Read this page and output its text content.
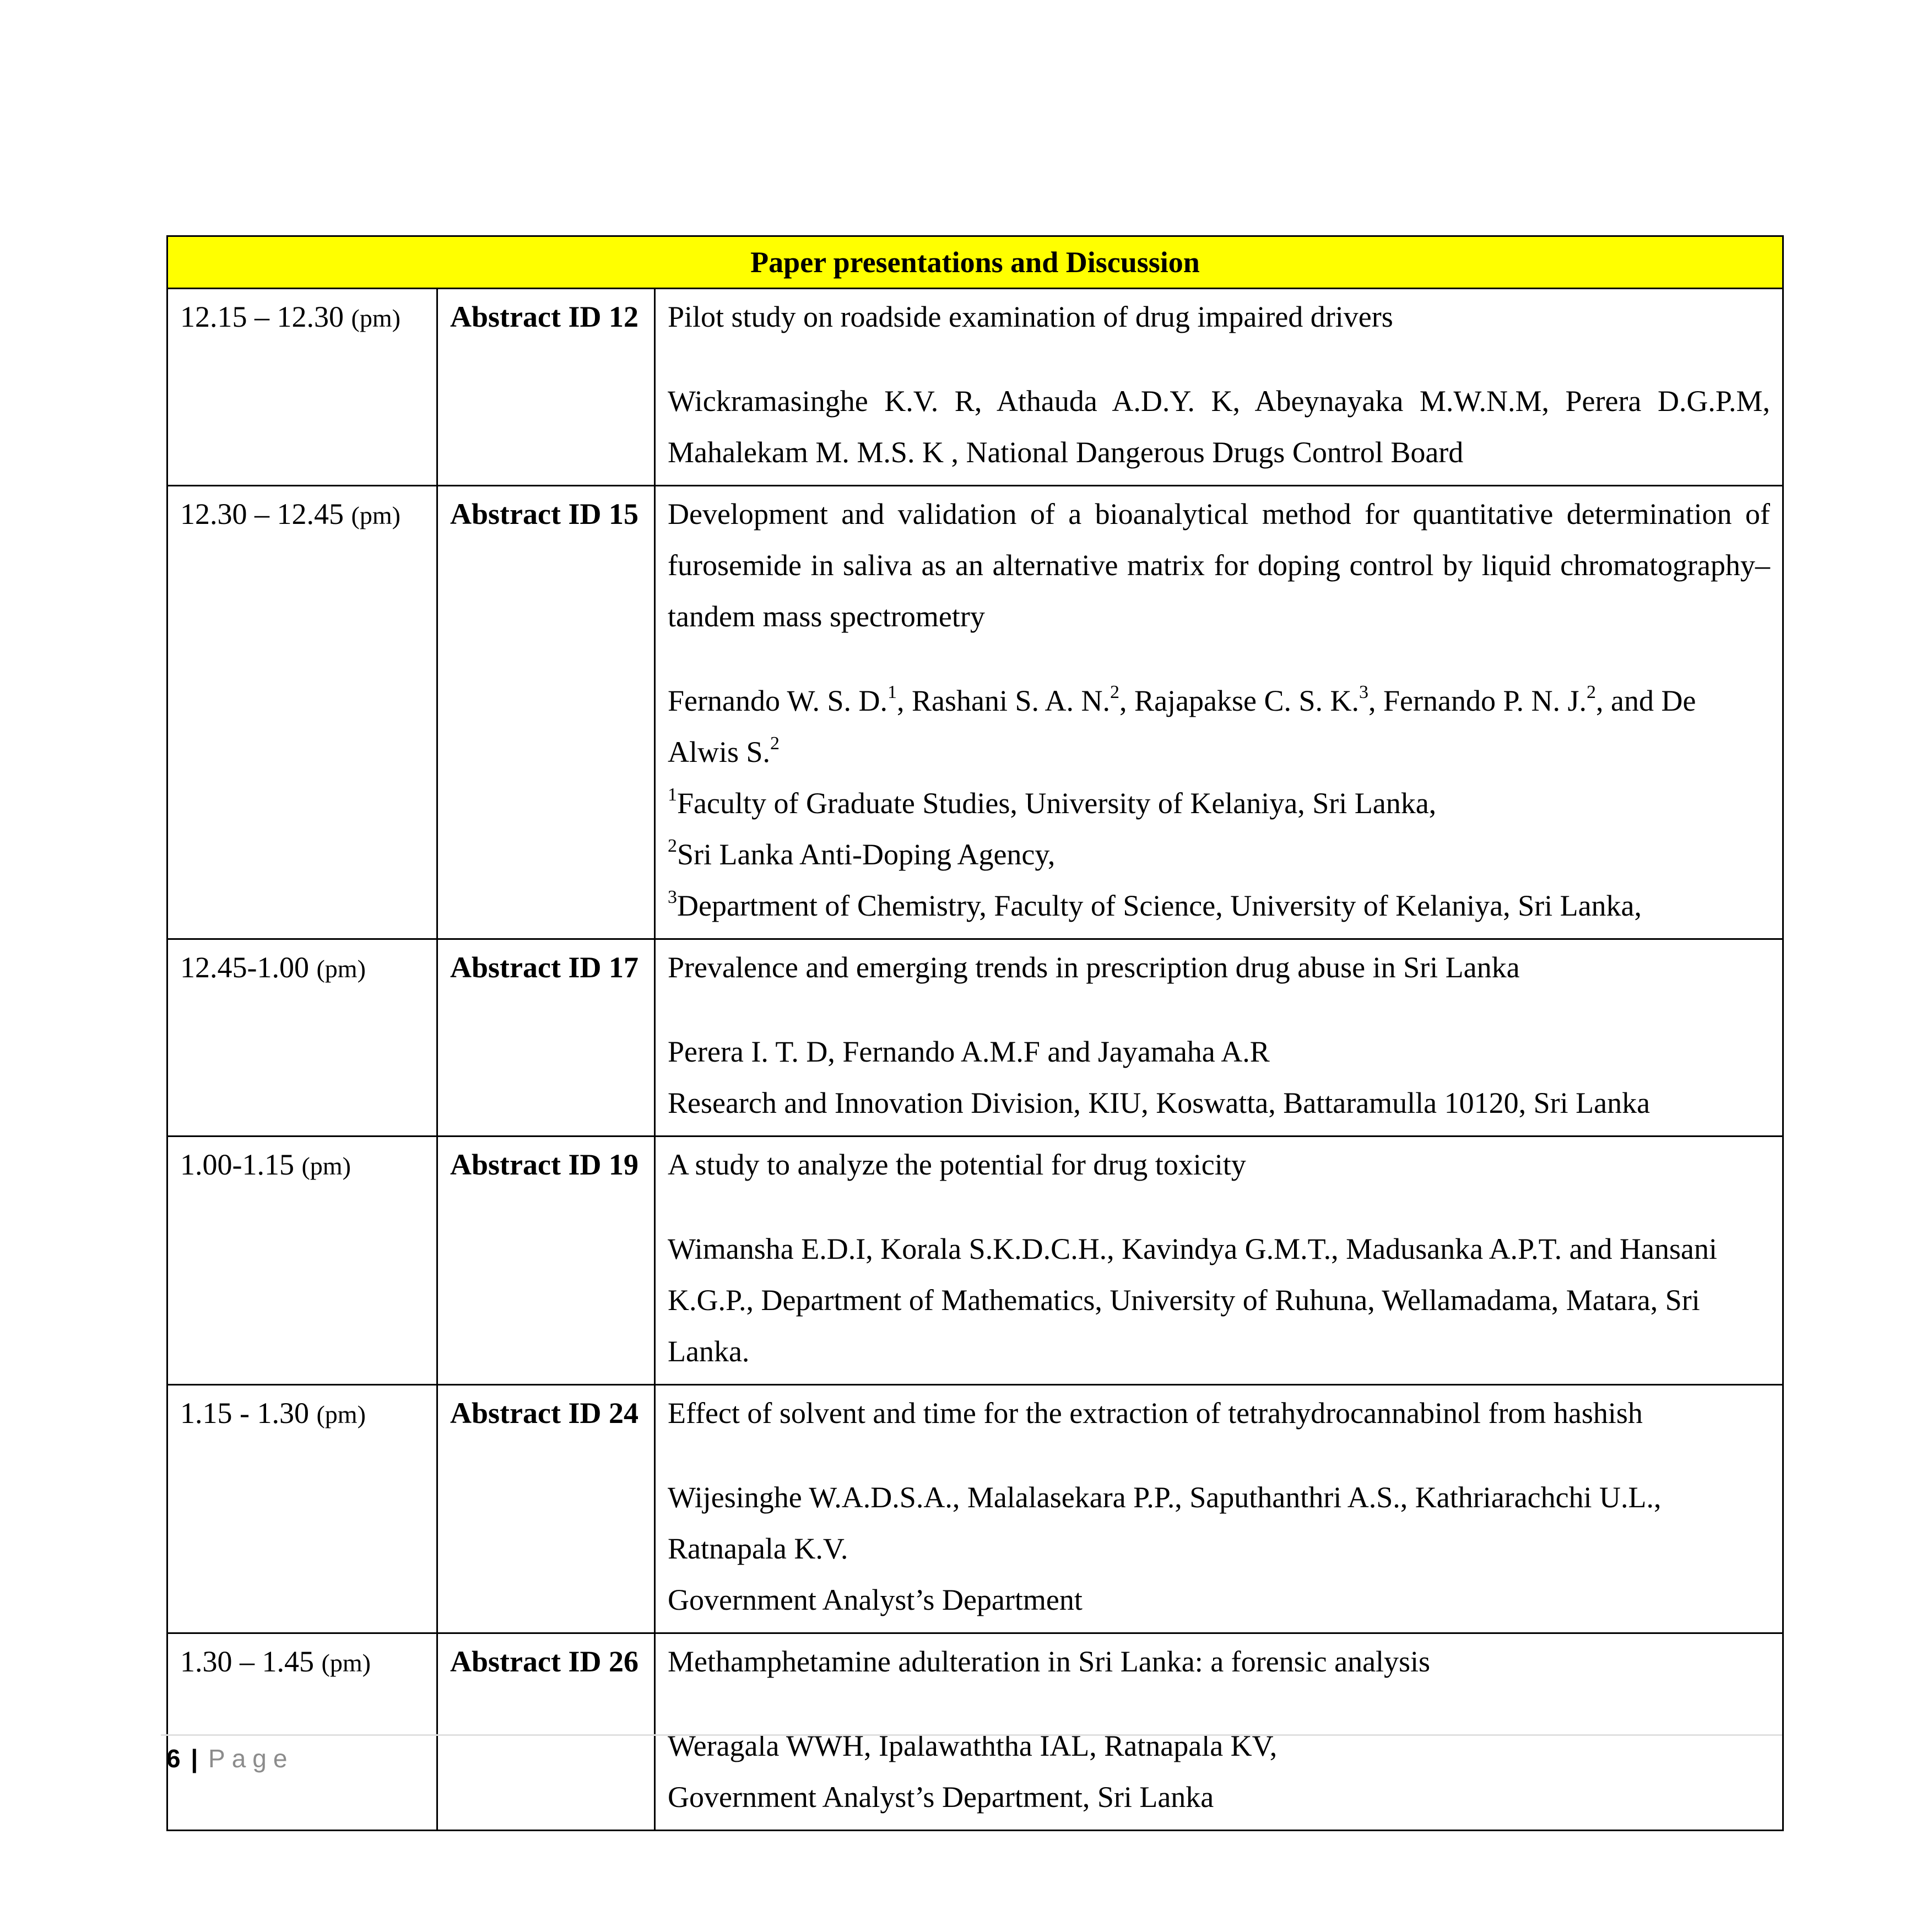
Paper presentations and Discussion		
12.15 – 12.30 (pm)	Abstract ID 12	Pilot study on roadside examination of drug impaired drivers
Wickramasinghe K.V. R, Athauda A.D.Y. K, Abeynayaka M.W.N.M, Perera D.G.P.M, Mahalekam M. M.S. K , National Dangerous Drugs Control Board

12.30 – 12.45 (pm)	Abstract ID 15	Development and validation of a bioanalytical method for quantitative determination of furosemide in saliva as an alternative matrix for doping control by liquid chromatography–tandem mass spectrometry
Fernando W. S. D.$^1$, Rashani S. A. N.$^2$, Rajapakse C. S. K.$^3$, Fernando P. N. J.$^2$, and De Alwis S.$^2$
$^1$Faculty of Graduate Studies, University of Kelaniya, Sri Lanka,
$^2$Sri Lanka Anti-Doping Agency,
$^3$Department of Chemistry, Faculty of Science, University of Kelaniya, Sri Lanka,

12.45-1.00 (pm)	Abstract ID 17	Prevalence and emerging trends in prescription drug abuse in Sri Lanka
Perera I. T. D, Fernando A.M.F and Jayamaha A.R
Research and Innovation Division, KIU, Koswatta, Battaramulla 10120, Sri Lanka

1.00-1.15 (pm)	Abstract ID 19	A study to analyze the potential for drug toxicity
Wimansha E.D.I, Korala S.K.D.C.H., Kavindya G.M.T., Madusanka A.P.T. and Hansani K.G.P., Department of Mathematics, University of Ruhuna, Wellamadama, Matara, Sri Lanka.

1.15 - 1.30 (pm)	Abstract ID 24	Effect of solvent and time for the extraction of tetrahydrocannabinol from hashish
Wijesinghe W.A.D.S.A., Malalasekara P.P., Saputhanthri A.S., Kathriarachchi U.L., Ratnapala K.V.
Government Analyst’s Department

1.30 – 1.45 (pm)	Abstract ID 26	Methamphetamine adulteration in Sri Lanka: a forensic analysis
Weragala WWH, Ipalawaththa IAL, Ratnapala KV,
Government Analyst’s Department, Sri Lanka
6 | Page
